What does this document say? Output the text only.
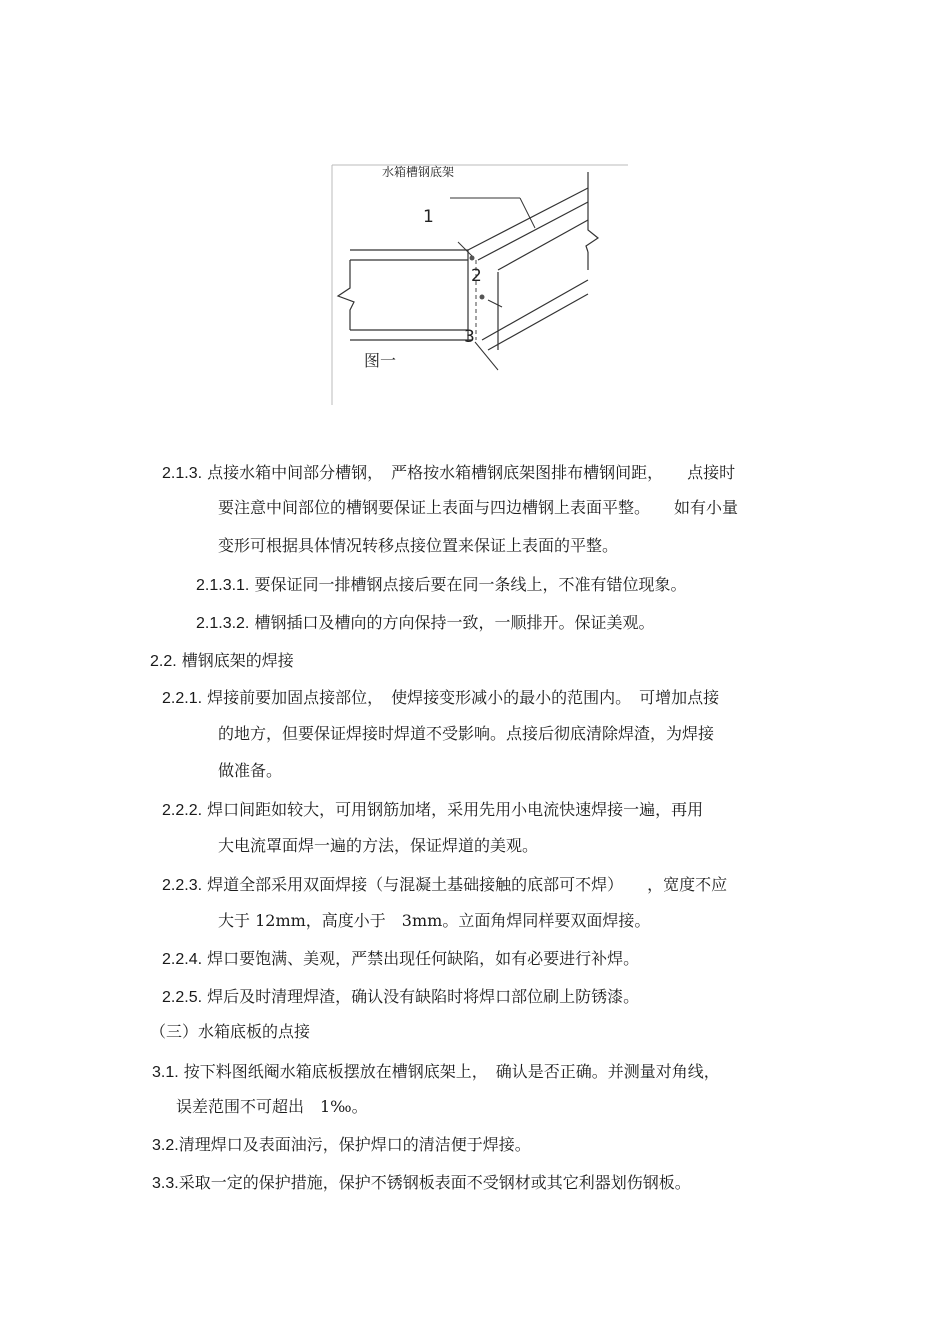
水箱槽钢底架
1
2
3
图一
2.1.3. 点接水箱中间部分槽钢，　严格按水箱槽钢底架图排布槽钢间距，　　点接时
要注意中间部位的槽钢要保证上表面与四边槽钢上表面平整。　　如有小量
变形可根据具体情况转移点接位置来保证上表面的平整。
2.1.3.1. 要保证同一排槽钢点接后要在同一条线上，不准有错位现象。
2.1.3.2. 槽钢插口及槽向的方向保持一致，一顺排开。保证美观。
2.2. 槽钢底架的焊接
2.2.1. 焊接前要加固点接部位，　使焊接变形减小的最小的范围内。　可增加点接
的地方，但要保证焊接时焊道不受影响。点接后彻底清除焊渣，为焊接
做准备。
2.2.2. 焊口间距如较大，可用钢筋加堵，采用先用小电流快速焊接一遍，再用
大电流罩面焊一遍的方法，保证焊道的美观。
2.2.3. 焊道全部采用双面焊接（与混凝土基础接触的底部可不焊）　　，宽度不应
大于 12mm，高度小于　3mm。立面角焊同样要双面焊接。
2.2.4. 焊口要饱满、美观，严禁出现任何缺陷，如有必要进行补焊。
2.2.5. 焊后及时清理焊渣，确认没有缺陷时将焊口部位刷上防锈漆。
（三）水箱底板的点接
3.1. 按下料图纸阉水箱底板摆放在槽钢底架上，　确认是否正确。并测量对角线，
误差范围不可超出　1‰。
3.2.清理焊口及表面油污，保护焊口的清洁便于焊接。
3.3.采取一定的保护措施，保护不锈钢板表面不受钢材或其它利器划伤钢板。
